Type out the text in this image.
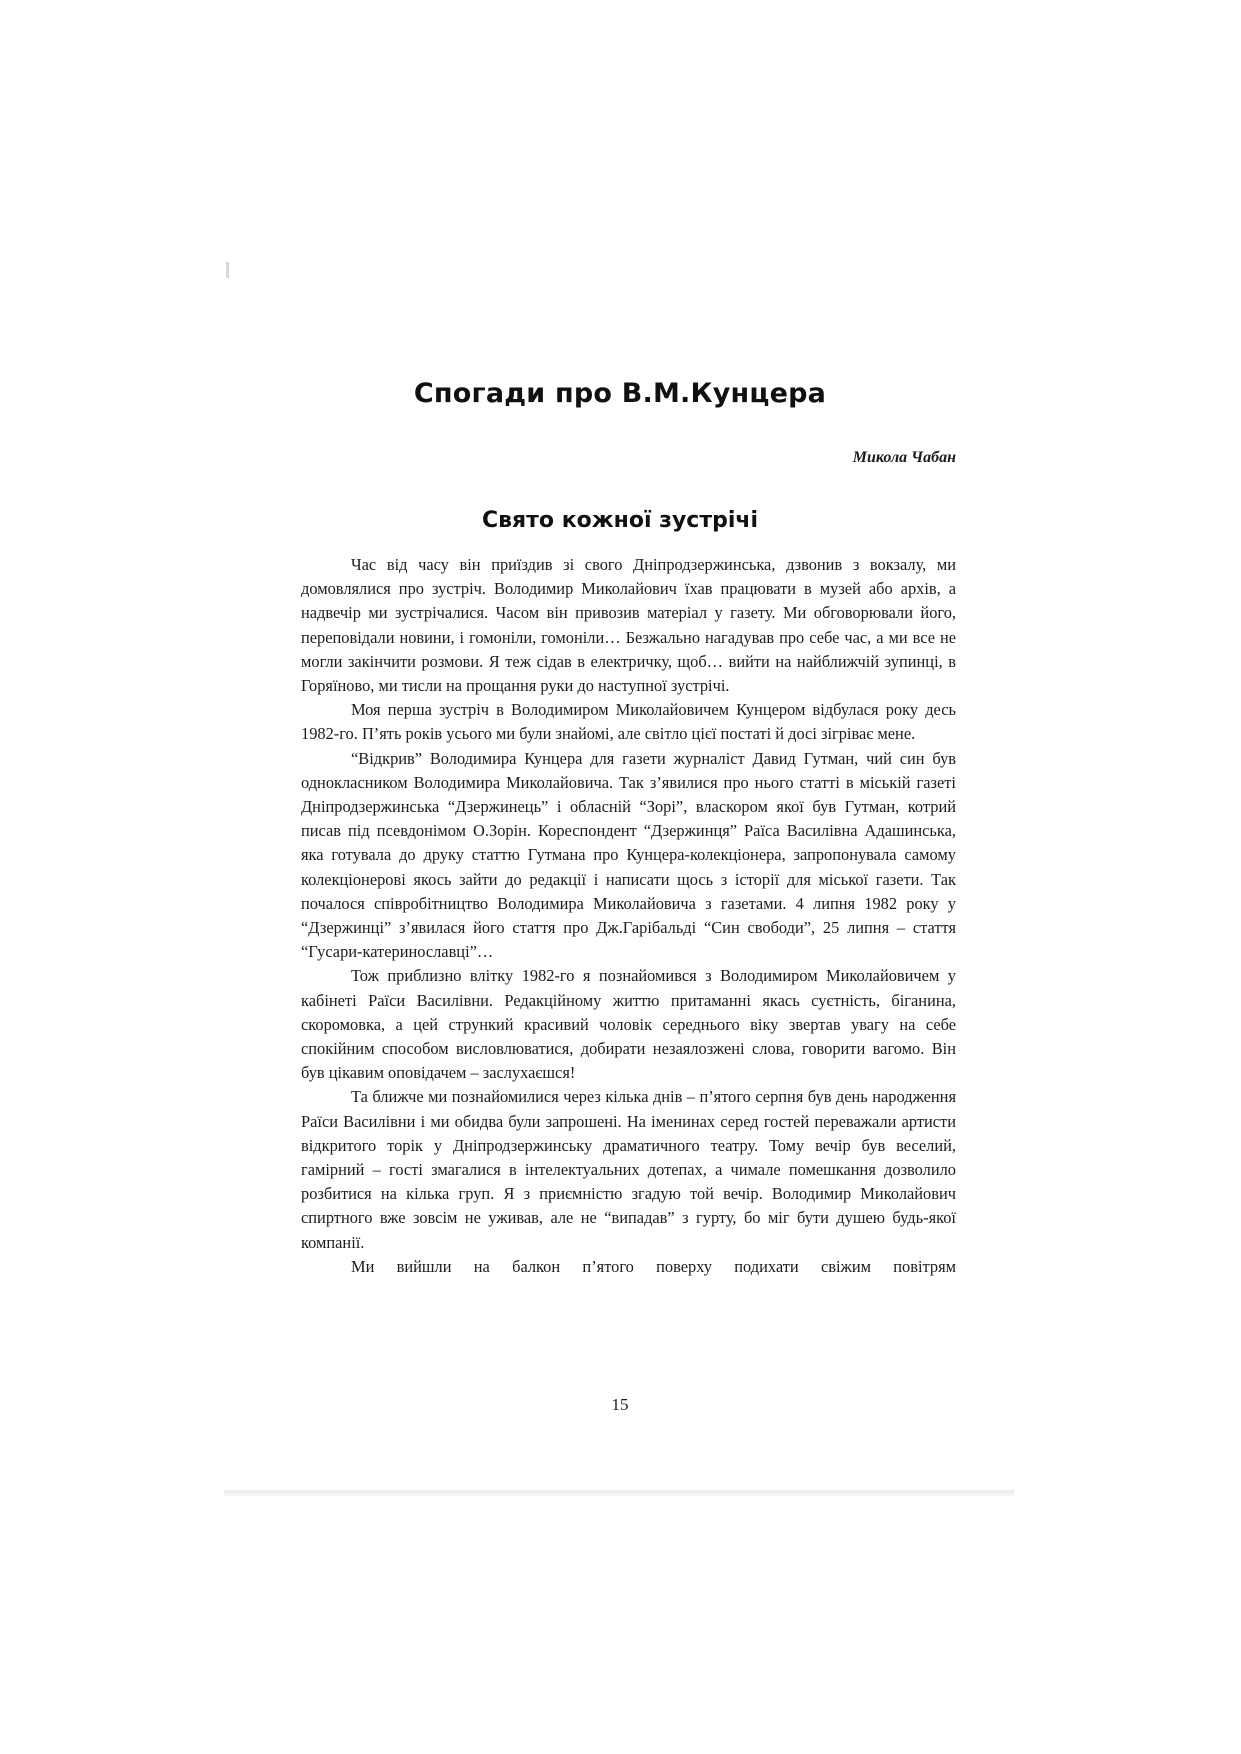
Спогади про В.М.Кунцера

Микола Чабан

Свято кожної зустрічі

Час від часу він приїздив зі свого Дніпродзержинська, дзвонив з вокзалу, ми домовлялися про зустріч. Володимир Миколайович їхав працювати в музей або архів, а надвечір ми зустрічалися. Часом він привозив матеріал у газету. Ми обговорювали його, переповідали новини, і гомоніли, гомоніли… Безжально нагадував про себе час, а ми все не могли закінчити розмови. Я теж сідав в електричку, щоб… вийти на найближчій зупинці, в Горяїново, ми тисли на прощання руки до наступної зустрічі.

Моя перша зустріч в Володимиром Миколайовичем Кунцером відбулася року десь 1982-го. П’ять років усього ми були знайомі, але світло цієї постаті й досі зігріває мене.

“Відкрив” Володимира Кунцера для газети журналіст Давид Гутман, чий син був однокласником Володимира Миколайовича. Так з’явилися про нього статті в міській газеті Дніпродзержинська “Дзержинець” і обласній “Зорі”, власкором якої був Гутман, котрий писав під псевдонімом О.Зорін. Кореспондент “Дзержинця” Раїса Василівна Адашинська, яка готувала до друку статтю Гутмана про Кунцера-колекціонера, запропонувала самому колекціонерові якось зайти до редакції і написати щось з історії для міської газети. Так почалося співробітництво Володимира Миколайовича з газетами. 4 липня 1982 року у “Дзержинці” з’явилася його стаття про Дж.Гарібальді “Син свободи”, 25 липня – стаття “Гусари-катеринославці”…

Тож приблизно влітку 1982-го я познайомився з Володимиром Миколайовичем у кабінеті Раїси Василівни. Редакційному життю притаманні якась суєтність, біганина, скоромовка, а цей стрункий красивий чоловік середнього віку звертав увагу на себе спокійним способом висловлюватися, добирати незаялозжені слова, говорити вагомо. Він був цікавим оповідачем – заслухаєшся!

Та ближче ми познайомилися через кілька днів – п’ятого серпня був день народження Раїси Василівни і ми обидва були запрошені. На іменинах серед гостей переважали артисти відкритого торік у Дніпродзержинську драматичного театру. Тому вечір був веселий, гамірний – гості змагалися в інтелектуальних дотепах, а чимале помешкання дозволило розбитися на кілька груп. Я з приємністю згадую той вечір. Володимир Миколайович спиртного вже зовсім не уживав, але не “випадав” з гурту, бо міг бути душею будь-якої компанії.

Ми вийшли на балкон п’ятого поверху подихати свіжим повітрям

15
